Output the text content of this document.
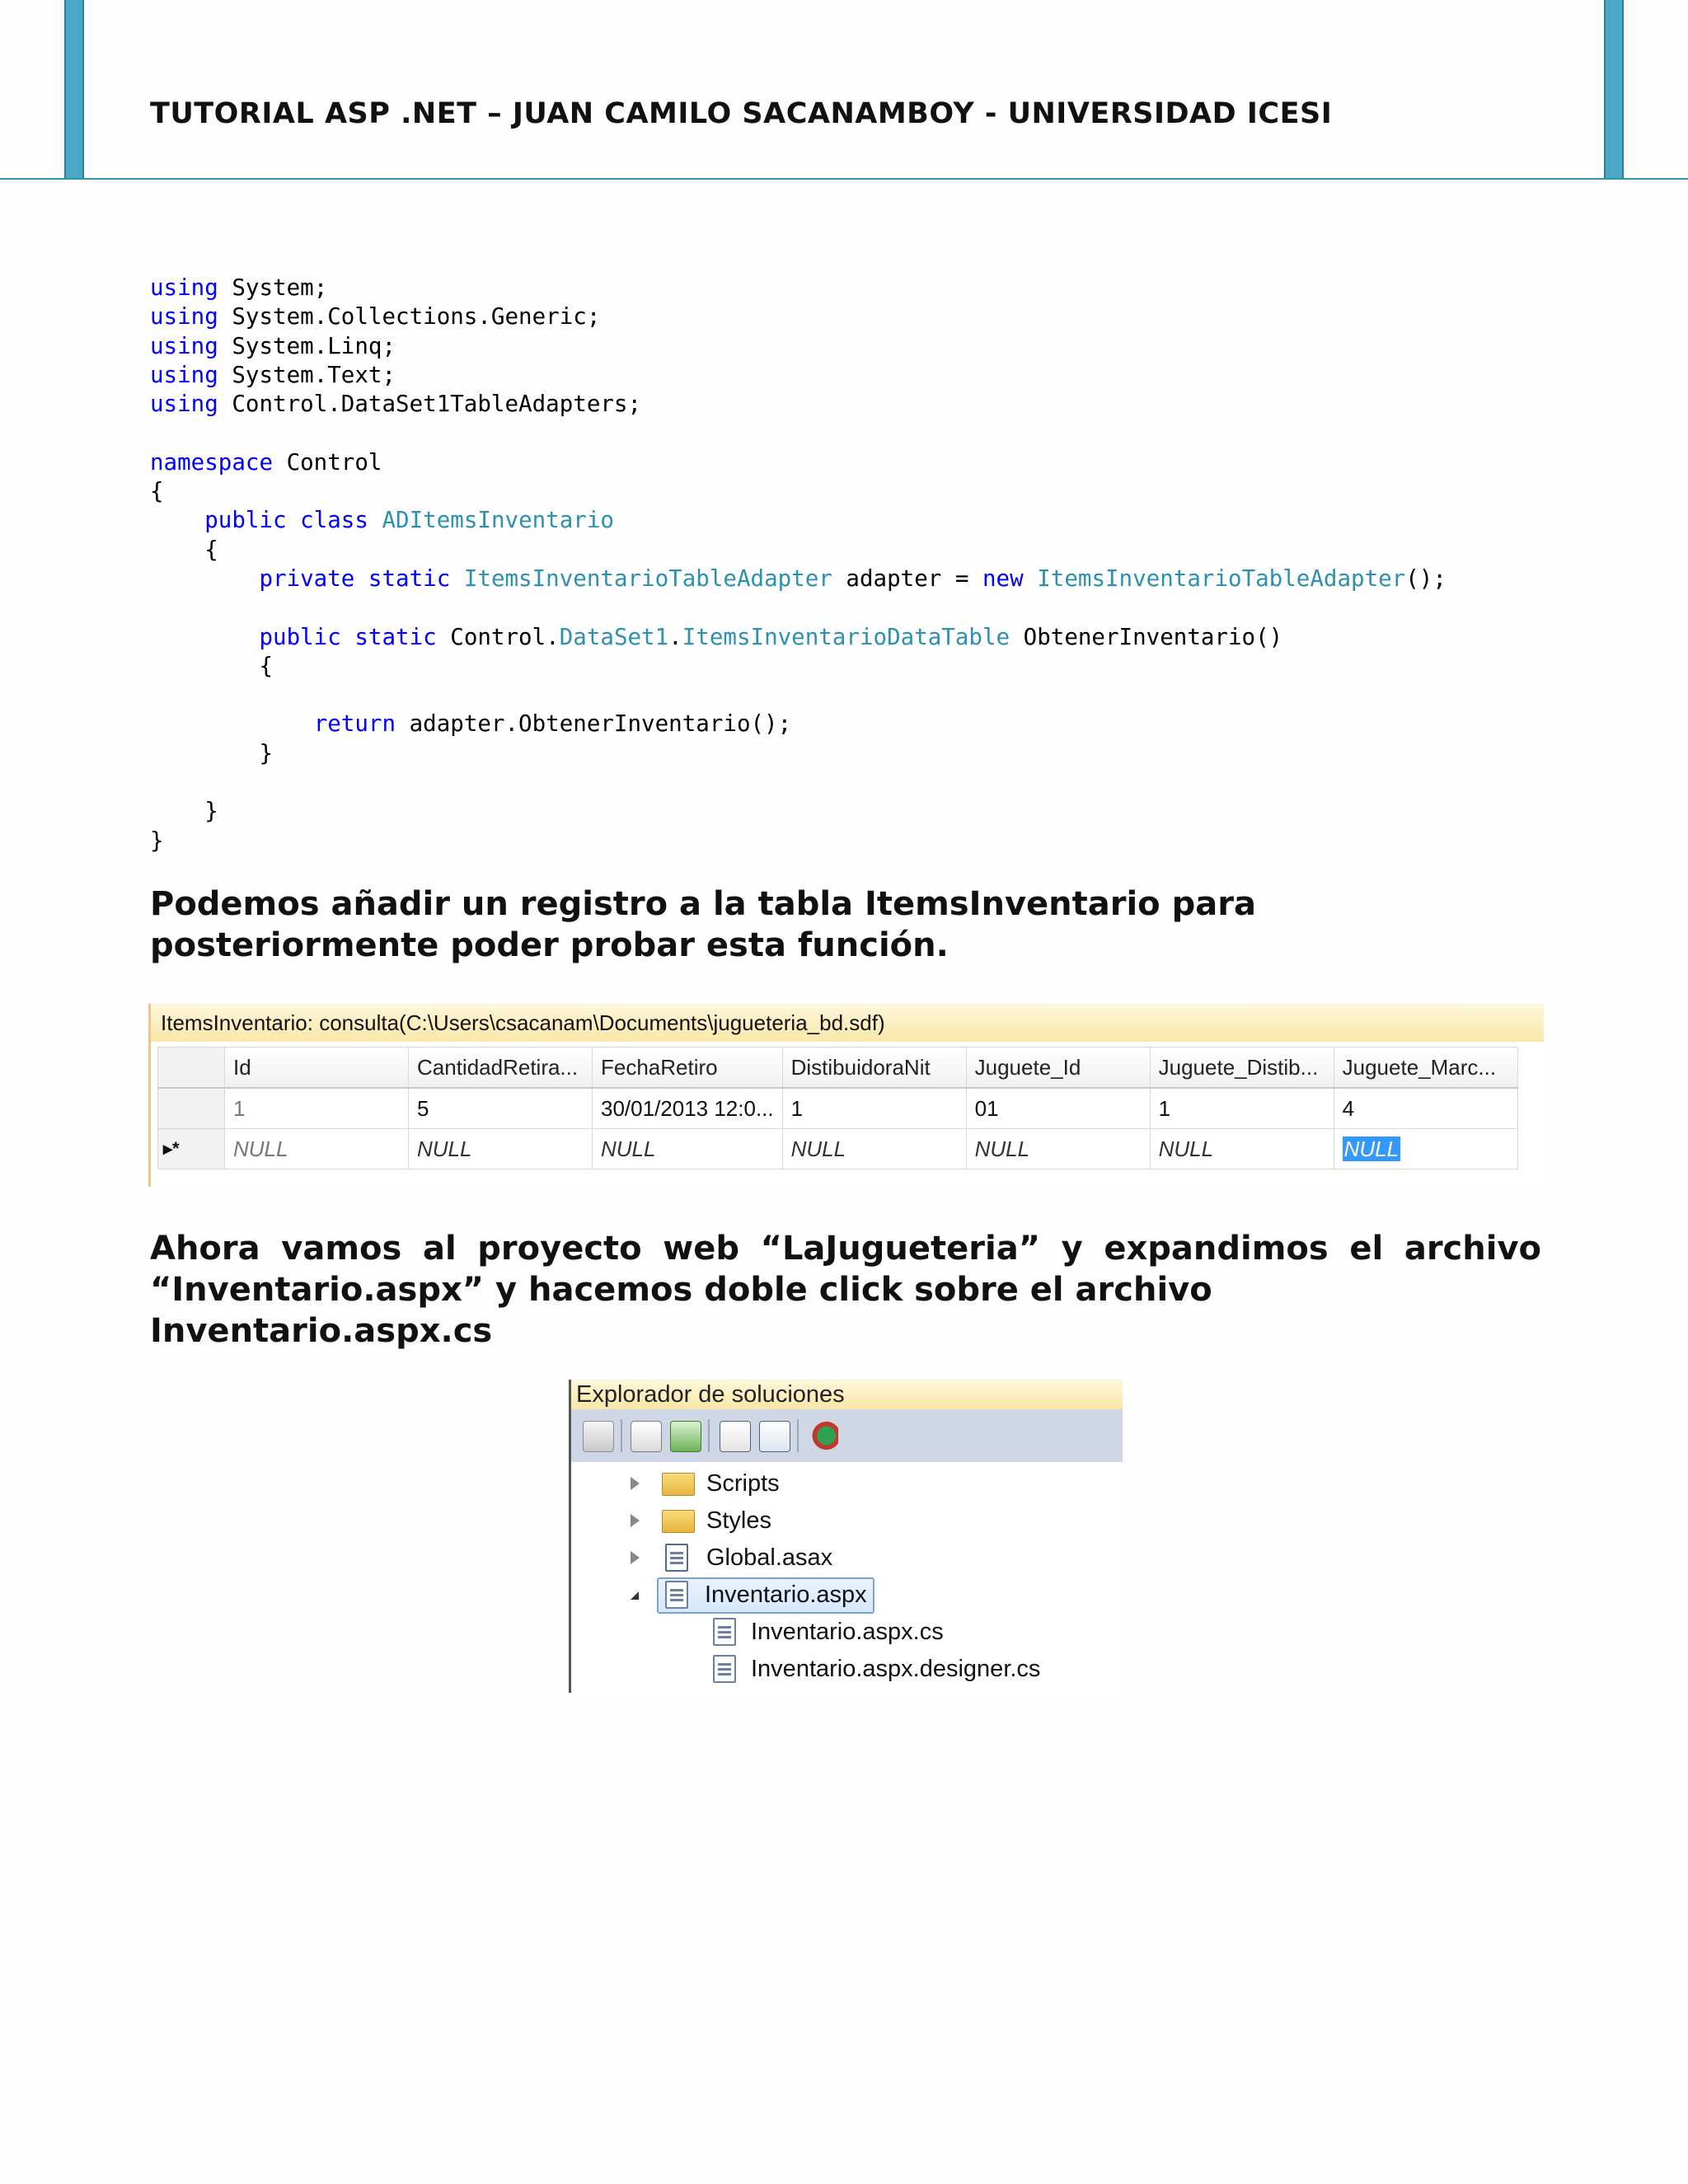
TUTORIAL ASP .NET – JUAN CAMILO SACANAMBOY - UNIVERSIDAD ICESI
using System;
using System.Collections.Generic;
using System.Linq;
using System.Text;
using Control.DataSet1TableAdapters;

namespace Control
{
public class ADItemsInventario
{
private static ItemsInventarioTableAdapter adapter = new ItemsInventarioTableAdapter();

public static Control.DataSet1.ItemsInventarioDataTable ObtenerInventario()
{

return adapter.ObtenerInventario();
}

}
}
Podemos añadir un registro a la tabla ItemsInventario para posteriormente poder probar esta función.
ItemsInventario: consulta(C:\Users\csacanam\Documents\jugueteria_bd.sdf)
	Id	CantidadRetira...	FechaRetiro	DistibuidoraNit	Juguete_Id	Juguete_Distib...	Juguete_Marc...
	1	5	30/01/2013 12:0...	1	01	1	4
▸*	NULL	NULL	NULL	NULL	NULL	NULL	NULL
Ahora vamos al proyecto web “LaJugueteria” y expandimos el archivo
“Inventario.aspx” y hacemos doble click sobre el archivo Inventario.aspx.cs
Explorador de soluciones
Scripts
Styles
Global.asax
Inventario.aspx
Inventario.aspx.cs
Inventario.aspx.designer.cs
